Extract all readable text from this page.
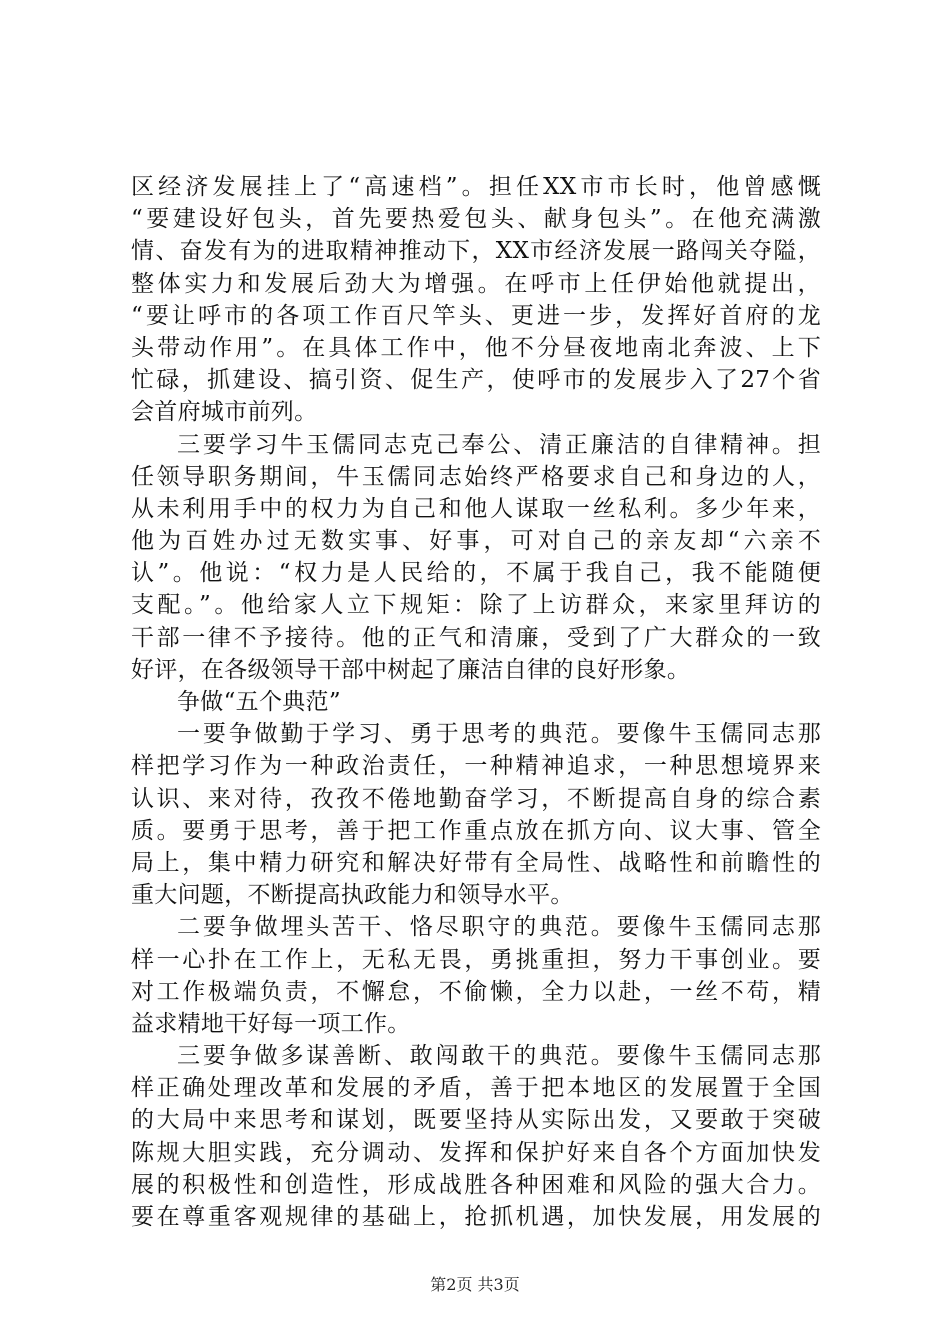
区经济发展挂上了“高速档”。担任XX市市长时，他曾感慨
“要建设好包头，首先要热爱包头、献身包头”。在他充满激
情、奋发有为的进取精神推动下，XX市经济发展一路闯关夺隘，
整体实力和发展后劲大为增强。在呼市上任伊始他就提出，
“要让呼市的各项工作百尺竿头、更进一步，发挥好首府的龙
头带动作用”。在具体工作中，他不分昼夜地南北奔波、上下
忙碌，抓建设、搞引资、促生产，使呼市的发展步入了27个省
会首府城市前列。
三要学习牛玉儒同志克己奉公、清正廉洁的自律精神。担
任领导职务期间，牛玉儒同志始终严格要求自己和身边的人，
从未利用手中的权力为自己和他人谋取一丝私利。多少年来，
他为百姓办过无数实事、好事，可对自己的亲友却“六亲不
认”。他说：“权力是人民给的，不属于我自己，我不能随便
支配。”。他给家人立下规矩：除了上访群众，来家里拜访的
干部一律不予接待。他的正气和清廉，受到了广大群众的一致
好评，在各级领导干部中树起了廉洁自律的良好形象。
争做“五个典范”
一要争做勤于学习、勇于思考的典范。要像牛玉儒同志那
样把学习作为一种政治责任，一种精神追求，一种思想境界来
认识、来对待，孜孜不倦地勤奋学习，不断提高自身的综合素
质。要勇于思考，善于把工作重点放在抓方向、议大事、管全
局上，集中精力研究和解决好带有全局性、战略性和前瞻性的
重大问题，不断提高执政能力和领导水平。
二要争做埋头苦干、恪尽职守的典范。要像牛玉儒同志那
样一心扑在工作上，无私无畏，勇挑重担，努力干事创业。要
对工作极端负责，不懈怠，不偷懒，全力以赴，一丝不苟，精
益求精地干好每一项工作。
三要争做多谋善断、敢闯敢干的典范。要像牛玉儒同志那
样正确处理改革和发展的矛盾，善于把本地区的发展置于全国
的大局中来思考和谋划，既要坚持从实际出发，又要敢于突破
陈规大胆实践，充分调动、发挥和保护好来自各个方面加快发
展的积极性和创造性，形成战胜各种困难和风险的强大合力。
要在尊重客观规律的基础上，抢抓机遇，加快发展，用发展的
第2页 共3页
